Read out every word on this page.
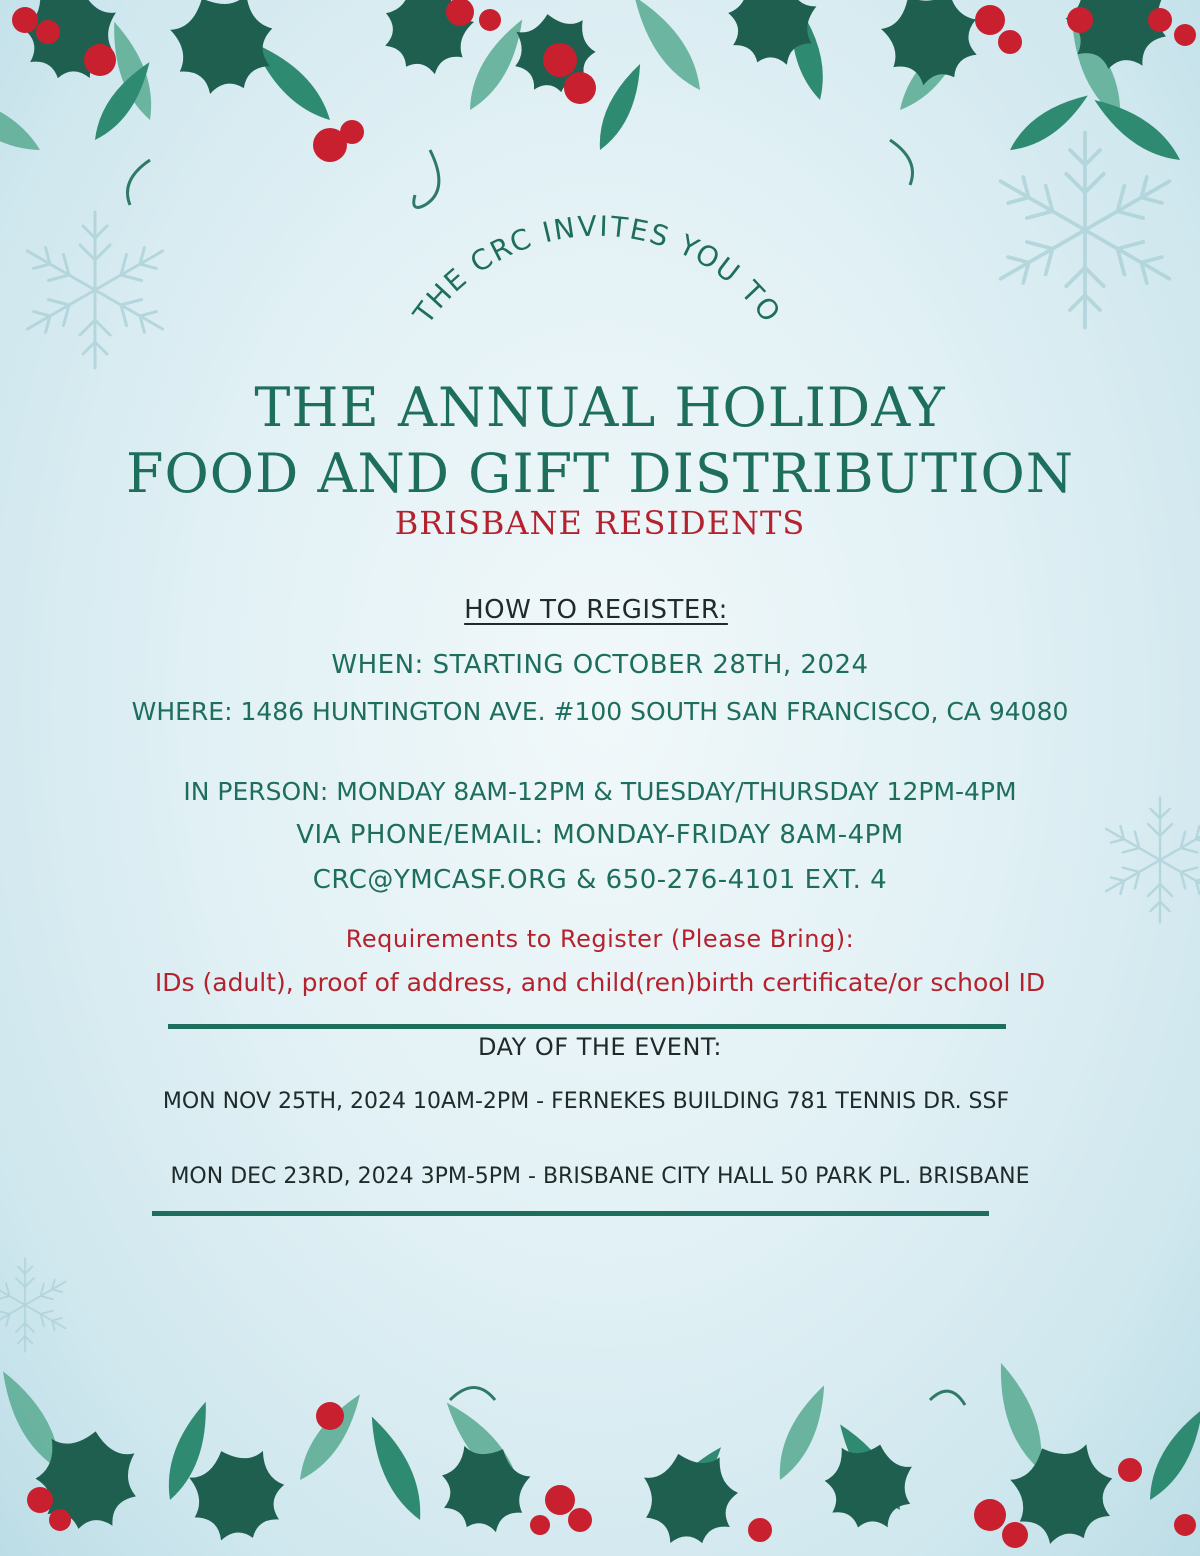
THE CRC INVITES YOU TO
THE ANNUAL HOLIDAY
FOOD AND GIFT DISTRIBUTION
BRISBANE RESIDENTS
HOW TO REGISTER:
WHEN: STARTING OCTOBER 28TH, 2024
WHERE: 1486 HUNTINGTON AVE. #100 SOUTH SAN FRANCISCO, CA 94080
IN PERSON: MONDAY 8AM-12PM & TUESDAY/THURSDAY 12PM-4PM
VIA PHONE/EMAIL: MONDAY-FRIDAY 8AM-4PM
CRC@YMCASF.ORG & 650-276-4101 EXT. 4
Requirements to Register (Please Bring):
IDs (adult), proof of address, and child(ren)birth certificate/or school ID
DAY OF THE EVENT:
MON NOV 25TH, 2024 10AM-2PM - FERNEKES BUILDING 781 TENNIS DR. SSF
MON DEC 23RD, 2024 3PM-5PM - BRISBANE CITY HALL 50 PARK PL. BRISBANE
